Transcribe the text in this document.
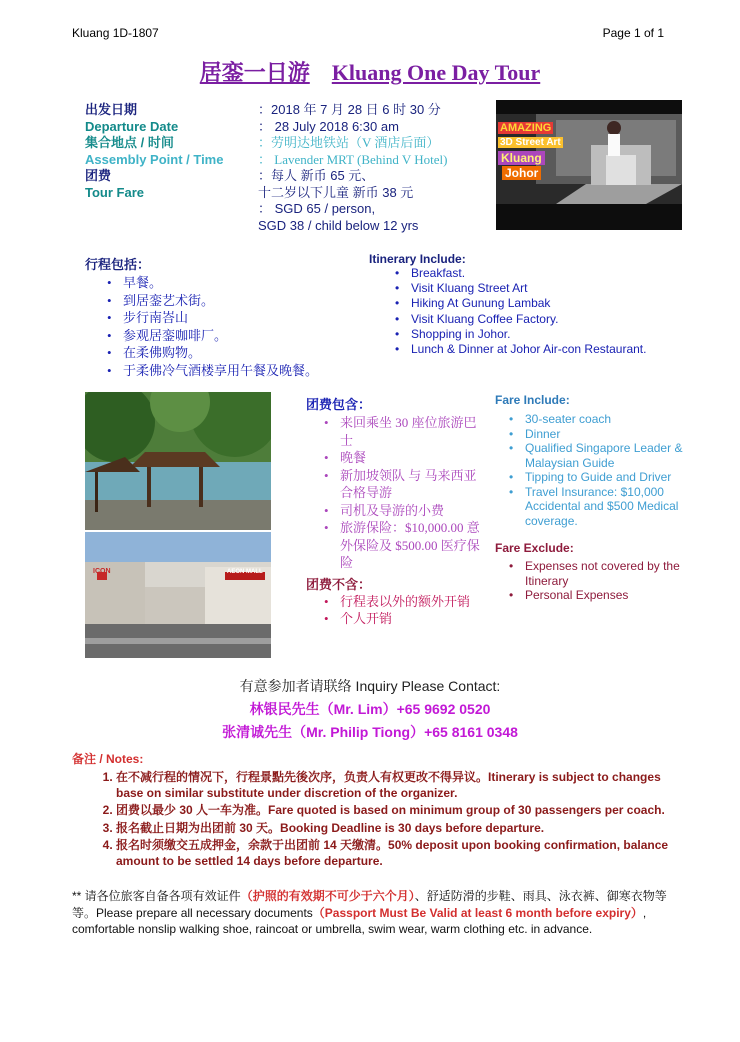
Kluang 1D-1807	Page 1 of 1
居銮一日游 Kluang One Day Tour
出发日期
Departure Date
集合地点 / 时间
Assembly Point / Time
团费
Tour Fare
：2018 年 7 月 28 日 6 时 30 分
： 28 July 2018 6:30 am
：劳明达地铁站（V 酒店后面）
： Lavender MRT (Behind V Hotel)
：每人 新币 65 元、
十二岁以下儿童 新币 38 元
： SGD 65 / person,
SGD 38 / child below 12 yrs
AMAZING
3D Street Art
Kluang
Johor
行程包括：
• 早餐。
• 到居銮艺术街。
• 步行南峇山
• 参观居銮咖啡厂。
• 在柔佛购物。
• 于柔佛冷气酒楼享用午餐及晚餐。
Itinerary Include:
• Breakfast.
• Visit Kluang Street Art
• Hiking At Gunung Lambak
• Visit Kluang Coffee Factory.
• Shopping in Johor.
• Lunch & Dinner at Johor Air-con Restaurant.
ICON	AEON MALL
团费包含：
• 来回乘坐 30 座位旅游巴士
• 晚餐
• 新加坡领队 与 马来西亚合格导游
• 司机及导游的小费
• 旅游保险：$10,000.00 意外保险及 $500.00 医疗保险
团费不含：
• 行程表以外的额外开销
• 个人开销
Fare Include:
• 30-seater coach
• Dinner
• Qualified Singapore Leader & Malaysian Guide
• Tipping to Guide and Driver
• Travel Insurance: $10,000 Accidental and $500 Medical coverage.
Fare Exclude:
• Expenses not covered by the Itinerary
• Personal Expenses
有意参加者请联络 Inquiry Please Contact:
林银民先生（Mr. Lim）+65 9692 0520
张清诚先生（Mr. Philip Tiong）+65 8161 0348
备注 / Notes:
1. 在不减行程的情况下，行程景點先後次序，负责人有权更改不得异议。Itinerary is subject to changes base on similar substitute under discretion of the organizer.
2. 团费以最少 30 人一车为准。Fare quoted is based on minimum group of 30 passengers per coach.
3. 报名截止日期为出团前 30 天。Booking Deadline is 30 days before departure.
4. 报名时须缴交五成押金，余款于出团前 14 天缴清。50% deposit upon booking confirmation, balance amount to be settled 14 days before departure.
** 请各位旅客自备各项有效证件（护照的有效期不可少于六个月）、舒适防滑的步鞋、雨具、泳衣裤、御寒衣物等等。Please prepare all necessary documents（Passport Must Be Valid at least 6 month before expiry）, comfortable nonslip walking shoe, raincoat or umbrella, swim wear, warm clothing etc. in advance.
